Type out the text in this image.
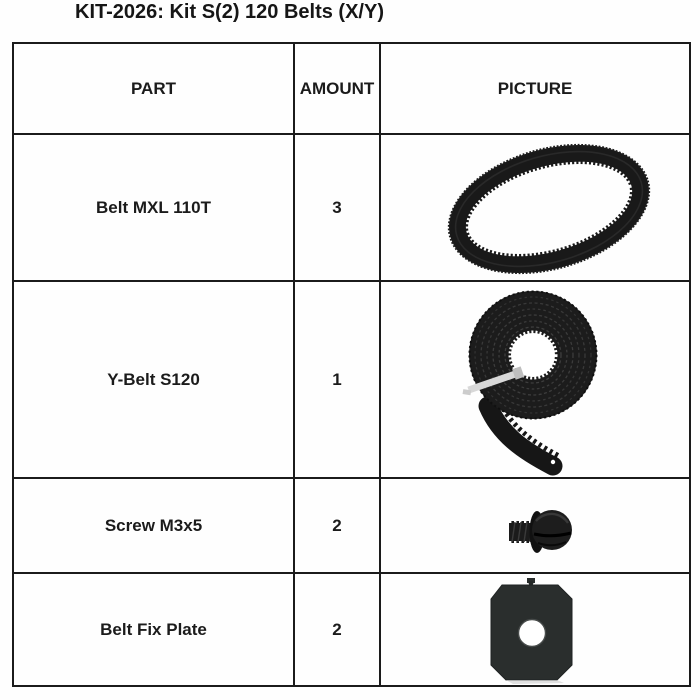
KIT-2026: Kit S(2) 120 Belts (X/Y)
PART	AMOUNT	PICTURE
Belt MXL 110T	3	

Y-Belt S120	1	

Screw M3x5	2	

Belt Fix Plate	2	
